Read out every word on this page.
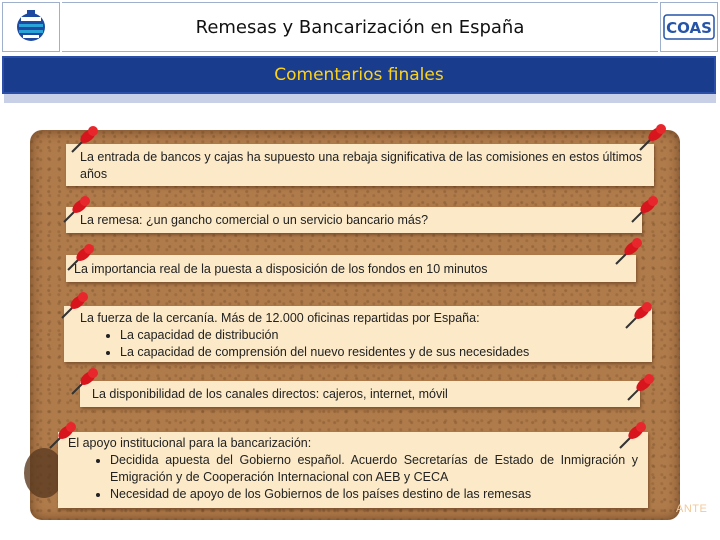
Remesas y Bancarización en España	COAS
Comentarios finales
ANTE
La entrada de bancos y cajas ha supuesto una rebaja significativa de las comisiones en estos últimos años
La remesa: ¿un gancho comercial o un servicio bancario más?
La importancia real de la puesta a disposición de los fondos en 10 minutos
La fuerza de la cercanía. Más de 12.000 oficinas repartidas por España:
• La capacidad de distribución
• La capacidad de comprensión del nuevo residentes y de sus necesidades
La disponibilidad de los canales directos: cajeros, internet, móvil
El apoyo institucional para la bancarización:
• Decidida apuesta del Gobierno español. Acuerdo Secretarías de Estado de Inmigración y Emigración y de Cooperación Internacional con AEB y CECA
• Necesidad de apoyo de los Gobiernos de los países destino de las remesas
